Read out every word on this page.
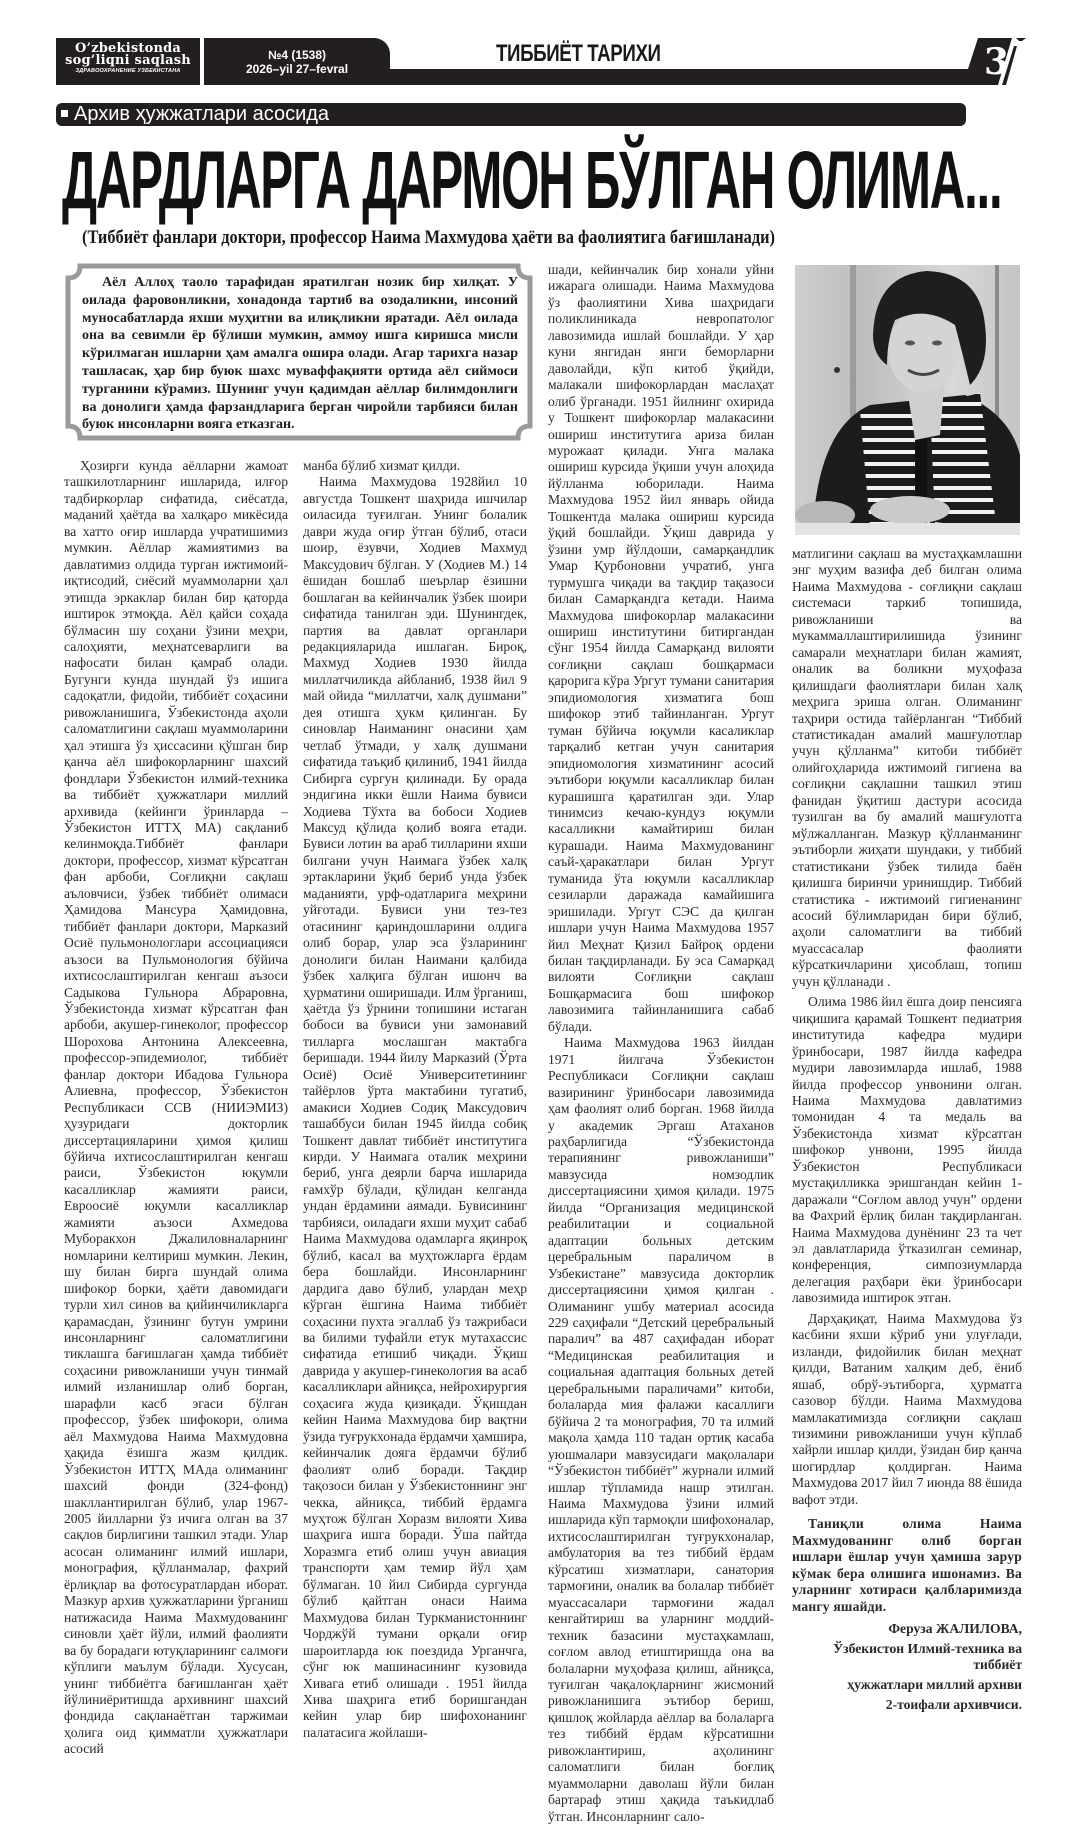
O’zbekistonda
sog’liqni saqlash
ЗДРАВООХРАНЕНИЕ УЗБЕКИСТАНА
№4 (1538)
2026–yil 27–fevral
ТИББИЁТ ТАРИХИ	3
Архив ҳужжатлари асосида
ДАРДЛАРГА ДАРМОН БЎЛГАН ОЛИМА...
(Тиббиёт фанлари доктори, профессор Наима Махмудова ҳаёти ва фаолиятига бағишланади)

Аёл Аллоҳ таоло тарафидан яратилган нозик бир хилқат. У оилада фаровонликни, хонадонда тартиб ва озодаликни, инсоний муносабатларда яхши муҳитни ва илиқликни яратади. Аёл оилада она ва севимли ёр бўлиши мумкин, аммоу ишга киришса мисли кўрилмаган ишларни ҳам амалга ошира олади. Агар тарихга назар ташласак, ҳар бир буюк шахс муваффақияти ортида аёл сиймоси турганини кўрамиз. Шунинг учун қадимдан аёллар билимдонлиги ва донолиги ҳамда фарзандларига берган чиройли тарбияси билан буюк инсонларни вояга етказган.

Ҳозирги кунда аёлларни жамоат ташкилотларнинг ишларида, илғор тадбиркорлар сифатида, сиёсатда, маданий ҳаётда ва халқаро микёсида ва хатто оғир ишларда учратишимиз мумкин. Аёллар жамиятимиз ва давлатимиз олдида турган ижтимоий-иқтисодий, сиёсий муаммоларни ҳал этишда эркаклар билан бир қаторда иштирок этмоқда. Аёл қайси соҳада бўлмасин шу соҳани ўзини меҳри, салоҳияти, меҳнатсеварлиги ва нафосати билан қамраб олади. Бугунги кунда шундай ўз ишига садоқатли, фидойи, тиббиёт соҳасини ривожланишига, Ўзбекистонда аҳоли саломатлигини сақлаш муаммоларини ҳал этишга ўз ҳиссасини қўшган бир қанча аёл шифокорларнинг шахсий фондлари Ўзбекистон илмий-техника ва тиббиёт ҳужжатлари миллий архивида (кейинги ўринларда – Ўзбекистон ИТТҲ МА) сақланиб келинмоқда.Тиббиёт фанлари доктори, профессор, хизмат кўрсатган фан арбоби, Соғлиқни сақлаш аъловчиси, ўзбек тиббиёт олимаси Ҳамидова Мансура Ҳамидовна, тиббиёт фанлари доктори, Марказий Осиё пульмонологлари ассоциацияси аъзоси ва Пульмонология бўйича ихтисослаштирилган кенгаш аъзоси Садыкова Гульнора Абраровна, Ўзбекистонда хизмат кўрсатган фан арбоби, акушер-гинеколог, профессор Шорохова Антонина Алексеевна, профессор-эпидемиолог, тиббиёт фанлар доктори Ибадова Гульнора Алиевна, профессор, Ўзбекистон Республикаси ССВ (НИИЭМИЗ) ҳузуридаги докторлик диссертацияларини ҳимоя қилиш бўйича ихтисослаштирилган кенгаш раиси, Ўзбекистон юқумли касалликлар жамияти раиси, Евроосиё юқумли касалликлар жамияти аъзоси Ахмедова Муборакхон Джалиловналарнинг номларини келтириш мумкин. Лекин, шу билан бирга шундай олима шифокор борки, ҳаёти давомидаги турли хил синов ва қийинчиликларга қарамасдан, ўзининг бутун умрини инсонларнинг саломатлигини тиклашга бағишлаган ҳамда тиббиёт соҳасини ривожланиши учун тинмай илмий изланишлар олиб борган, шарафли касб эгаси бўлган профессор, ўзбек шифокори, олима аёл Махмудова Наима Махмудовна ҳақида ёзишга жазм қилдик. Ўзбекистон ИТТҲ МАда олиманинг шахсий фонди (324-фонд) шакллантирилган бўлиб, улар 1967-2005 йилларни ўз ичига олган ва 37 сақлов бирлигини ташкил этади. Улар асосан олиманинг илмий ишлари, монография, қўлланмалар, фахрий ёрлиқлар ва фотосуратлардан иборат. Мазкур архив ҳужжатларини ўрганиш натижасида Наима Махмудованинг синовли ҳаёт йўли, илмий фаолияти ва бу борадаги ютуқларининг салмоғи кўплиги маълум бўлади. Хусусан, унинг тиббиётга бағишланган ҳаёт йўлиниёритишда архивнинг шахсий фондида сақланаётган таржимаи ҳолига оид қимматли ҳужжатлари асосий

манба бўлиб хизмат қилди.

Наима Махмудова 1928йил 10 августда Тошкент шаҳрида ишчилар оиласида туғилган. Унинг болалик даври жуда оғир ўтган бўлиб, отаси шоир, ёзувчи, Ходиев Махмуд Максудович бўлган. У (Ходиев М.) 14 ёшидан бошлаб шеърлар ёзишни бошлаган ва кейинчалик ўзбек шоири сифатида танилган эди. Шунингдек, партия ва давлат органлари редакцияларида ишлаган. Бироқ, Махмуд Ходиев 1930 йилда миллатчиликда айбланиб, 1938 йил 9 май ойида “миллатчи, халқ душмани” дея отишга ҳукм қилинган. Бу синовлар Наиманинг онасини ҳам четлаб ўтмади, у халқ душмани сифатида таъқиб қилиниб, 1941 йилда Сибирга сургун қилинади. Бу орада эндигина икки ёшли Наима бувиси Ходиева Тўхта ва бобоси Ходиев Максуд қўлида қолиб вояга етади. Бувиси лотин ва араб тилларини яхши билгани учун Наимага ўзбек халқ эртакларини ўқиб бериб унда ўзбек маданияти, урф-одатларига меҳрини уйғотади. Бувиси уни тез-тез отасининг қариндошларини олдига олиб борар, улар эса ўзларининг донолиги билан Наимани қалбида ўзбек халқига бўлган ишонч ва ҳурматини оширишади. Илм ўрганиш, ҳаётда ўз ўрнини топишини истаган бобоси ва бувиси уни замонавий тилларга мослашган мактабга беришади. 1944 йилу Марказий (Ўрта Осиё) Осиё Университетининг тайёрлов ўрта мактабини тугатиб, амакиси Ходиев Содиқ Максудович ташаббуси билан 1945 йилда собиқ Тошкент давлат тиббиёт институтига кирди. У Наимага оталик меҳрини бериб, унга деярли барча ишларида ғамхўр бўлади, қўлидан келганда ундан ёрдамини аямади. Бувисининг тарбияси, оиладаги яхши муҳит сабаб Наима Махмудова одамларга яқинроқ бўлиб, касал ва муҳтожларга ёрдам бера бошлайди. Инсонларнинг дардига даво бўлиб, улардан меҳр кўрган ёшгина Наима тиббиёт соҳасини пухта эгаллаб ўз тажрибаси ва билими туфайли етук мутахассис сифатида етишиб чиқади. Ўқиш даврида у акушер-гинекология ва асаб касалликлари айниқса, нейрохирургия соҳасига жуда қизиқади. Ўқишдан кейин Наима Махмудова бир вақтни ўзида туғрукхонада ёрдамчи ҳамшира, кейинчалик дояга ёрдамчи бўлиб фаолият олиб боради. Тақдир тақозоси билан у Ўзбекистоннинг энг чекка, айниқса, тиббий ёрдамга муҳтож бўлган Хоразм вилояти Хива шаҳрига ишга боради. Ўша пайтда Хоразмга етиб олиш учун авиация транспорти ҳам темир йўл ҳам бўлмаган. 10 йил Сибирда сургунда бўлиб қайтган онаси Наима Махмудова билан Туркманистоннинг Чорджўй тумани орқали оғир шароитларда юк поездида Урганчга, сўнг юк машинасининг кузовида Хивага етиб олишади . 1951 йилда Хива шаҳрига етиб боришгандан кейин улар бир шифохонанинг палатасига жойлаши-

шади, кейинчалик бир хонали уйни ижарага олишади. Наима Махмудова ўз фаолиятини Хива шаҳридаги поликлиникада невропатолог лавозимида ишлай бошлайди. У ҳар куни янгидан янги беморларни даволайди, кўп китоб ўқийди, малакали шифокорлардан маслаҳат олиб ўрганади. 1951 йилнинг охирида у Тошкент шифокорлар малакасини ошириш институтига ариза билан мурожаат қилади. Унга малака ошириш курсида ўқиши учун алоҳида йўлланма юборилади. Наима Махмудова 1952 йил январь ойида Тошкентда малака ошириш курсида ўқий бошлайди. Ўқиш даврида у ўзини умр йўлдоши, самарқандлик Умар Қурбоновни учратиб, унга турмушга чиқади ва тақдир тақазоси билан Самарқандга кетади. Наима Махмудова шифокорлар малакасини ошириш институтини битиргандан сўнг 1954 йилда Самарқанд вилояти соғлиқни сақлаш бошқармаси қарорига кўра Ургут тумани санитария эпидиомология хизматига бош шифокор этиб тайинланган. Ургут туман бўйича юқумли касаликлар тарқалиб кетган учун санитария эпидиомология хизматининг асосий эътибори юқумли касалликлар билан курашишга қаратилган эди. Улар тинимсиз кечаю-кундуз юқумли касалликни камайтириш билан курашади. Наима Махмудованинг саъй-ҳаракатлари билан Ургут туманида ўта юқумли касалликлар сезиларли даражада камайишига эришилади. Ургут СЭС да қилган ишлари учун Наима Махмудова 1957 йил Меҳнат Қизил Байроқ ордени билан тақдирланади. Бу эса Самарқад вилояти Соғлиқни сақлаш Бошқармасига бош шифокор лавозимига тайинланишига сабаб бўлади.

Наима Махмудова 1963 йилдан 1971 йилгача Ўзбекистон Республикаси Соғлиқни сақлаш вазирининг ўринбосари лавозимида ҳам фаолият олиб борган. 1968 йилда у академик Эргаш Атаханов раҳбарлигида “Ўзбекистонда терапиянинг ривожланиши” мавзусида номзодлик диссертациясини ҳимоя қилади. 1975 йилда “Организация медицинской реабилитации и социальной адаптации больных детским церебральным параличом в Узбекистане” мавзусида докторлик диссертациясини ҳимоя қилган . Олиманинг ушбу материал асосида 229 саҳифали “Детский церебральный паралич” ва 487 саҳифадан иборат “Медицинская реабилитация и социальная адаптация больных детей церебральными параличами” китоби, болаларда мия фалажи касаллиги бўйича 2 та монография, 70 та илмий мақола ҳамда 110 тадан ортиқ касаба уюшмалари мавзусидаги мақолалари “Ўзбекистон тиббиёт” журнали илмий ишлар тўпламида нашр этилган. Наима Махмудова ўзини илмий ишларида кўп тармоқли шифохоналар, ихтисослаштирилган туғрукхоналар, амбулатория ва тез тиббий ёрдам кўрсатиш хизматлари, санатория тармоғини, оналик ва болалар тиббиёт муассасалари тармоғини жадал кенгайтириш ва уларнинг моддий-техник базасини мустаҳкамлаш, соғлом авлод етиштиришда она ва болаларни муҳофаза қилиш, айниқса, туғилган чақалоқларнинг жисмоний ривожланишига эътибор бериш, қишлоқ жойларда аёллар ва болаларга тез тиббий ёрдам кўрсатишни ривожлантириш, аҳолининг саломатлиги билан боғлиқ муаммоларни даволаш йўли билан бартараф этиш ҳақида таъкидлаб ўтган. Инсонларнинг сало-

матлигини сақлаш ва мустаҳкамлашни энг муҳим вазифа деб билган олима Наима Махмудова - соғлиқни сақлаш системаси таркиб топишида, ривожланиши ва мукаммаллаштирилишида ўзининг самарали меҳнатлари билан жамият, оналик ва боликни муҳофаза қилишдаги фаолиятлари билан халқ меҳрига эриша олган. Олиманинг таҳрири остида тайёрланган “Тиббий статистикадан амалий машғулотлар учун қўлланма” китоби тиббиёт олийгоҳларида ижтимоий гигиена ва соғлиқни сақлашни ташкил этиш фанидан ўқитиш дастури асосида тузилган ва бу амалий машғулотга мўлжалланган. Мазкур қўлланманинг эътиборли жиҳати шундаки, у тиббий статистикани ўзбек тилида баён қилишга биринчи уринишдир. Тиббий статистика - ижтимоий гигиенанинг асосий бўлимларидан бири бўлиб, аҳоли саломатлиги ва тиббий муассасалар фаолияти кўрсаткичларини ҳисоблаш, топиш учун қўлланади .

Олима 1986 йил ёшга доир пенсияга чиқишига қарамай Тошкент педиатрия институтида кафедра мудири ўринбосари, 1987 йилда кафедра мудири лавозимларда ишлаб, 1988 йилда профессор унвонини олган. Наима Махмудова давлатимиз томонидан 4 та медаль ва Ўзбекистонда хизмат кўрсатган шифокор унвони, 1995 йилда Ўзбекистон Республикаси мустақилликка эришгандан кейин 1-даражали “Соғлом авлод учун” ордени ва Фахрий ёрлиқ билан тақдирланган. Наима Махмудова дунёнинг 23 та чет эл давлатларида ўтказилган семинар, конференция, симпозиумларда делегация раҳбари ёки ўринбосари лавозимида иштирок этган.

Дарҳақиқат, Наима Махмудова ўз касбини яхши кўриб уни улуғлади, изланди, фидойилик билан меҳнат қилди, Ватаним халқим деб, ёниб яшаб, обрў-эътиборга, ҳурматга сазовор бўлди. Наима Махмудова мамлакатимизда соғлиқни сақлаш тизимини ривожланиши учун кўплаб хайрли ишлар қилди, ўзидан бир қанча шогирдлар қолдирган. Наима Махмудова 2017 йил 7 июнда 88 ёшида вафот этди.

Таниқли олима Наима Махмудованинг олиб борган ишлари ёшлар учун ҳамиша зарур кўмак бера олишига ишонамиз. Ва уларнинг хотираси қалбларимизда мангу яшайди.

Феруза ЖАЛИЛОВА,

Ўзбекистон Илмий-техника ва тиббиёт

ҳужжатлари миллий архиви

2-тоифали архивчиси.
